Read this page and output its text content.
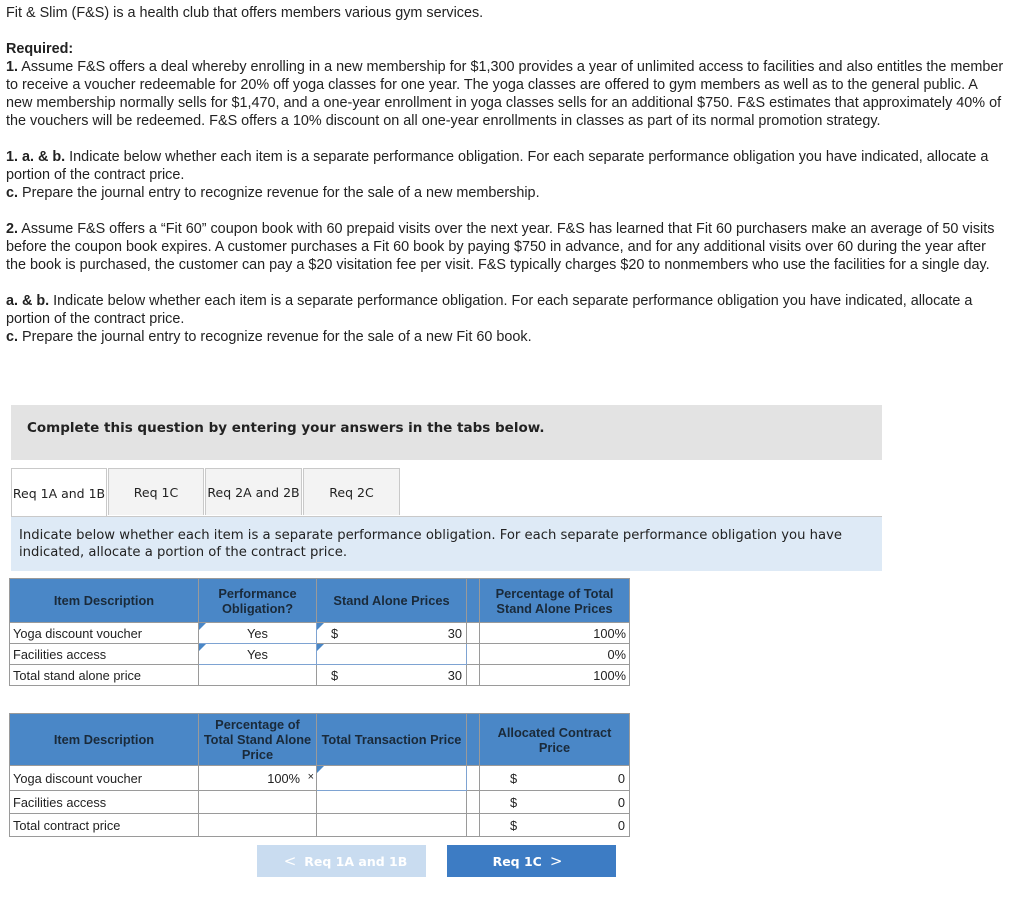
Fit & Slim (F&S) is a health club that offers members various gym services.

Required:

1. Assume F&S offers a deal whereby enrolling in a new membership for $1,300 provides a year of unlimited access to facilities and also entitles the member to receive a voucher redeemable for 20% off yoga classes for one year. The yoga classes are offered to gym members as well as to the general public. A new membership normally sells for $1,470, and a one-year enrollment in yoga classes sells for an additional $750. F&S estimates that approximately 40% of the vouchers will be redeemed. F&S offers a 10% discount on all one-year enrollments in classes as part of its normal promotion strategy.

1. a. & b. Indicate below whether each item is a separate performance obligation. For each separate performance obligation you have indicated, allocate a portion of the contract price.

c. Prepare the journal entry to recognize revenue for the sale of a new membership.

2. Assume F&S offers a “Fit 60” coupon book with 60 prepaid visits over the next year. F&S has learned that Fit 60 purchasers make an average of 50 visits before the coupon book expires. A customer purchases a Fit 60 book by paying $750 in advance, and for any additional visits over 60 during the year after the book is purchased, the customer can pay a $20 visitation fee per visit. F&S typically charges $20 to nonmembers who use the facilities for a single day.

a. & b. Indicate below whether each item is a separate performance obligation. For each separate performance obligation you have indicated, allocate a portion of the contract price.

c. Prepare the journal entry to recognize revenue for the sale of a new Fit 60 book.

Complete this question by entering your answers in the tabs below.
Req 1A and 1B	Req 1C	Req 2A and 2B	Req 2C
Indicate below whether each item is a separate performance obligation. For each separate performance obligation you have indicated, allocate a portion of the contract price.
Item Description	Performance Obligation?	Stand Alone Prices		Percentage of Total Stand Alone Prices
Yoga discount voucher	Yes	$ 30		100%
Facilities access	Yes			0%
Total stand alone price		$ 30		100%
Item Description	Percentage of Total Stand Alone Price	Total Transaction Price		Allocated Contract Price
Yoga discount voucher	100% ×			$ 0

Facilities access				$ 0

Total contract price				$ 0
< Req 1A and 1B	Req 1C >
